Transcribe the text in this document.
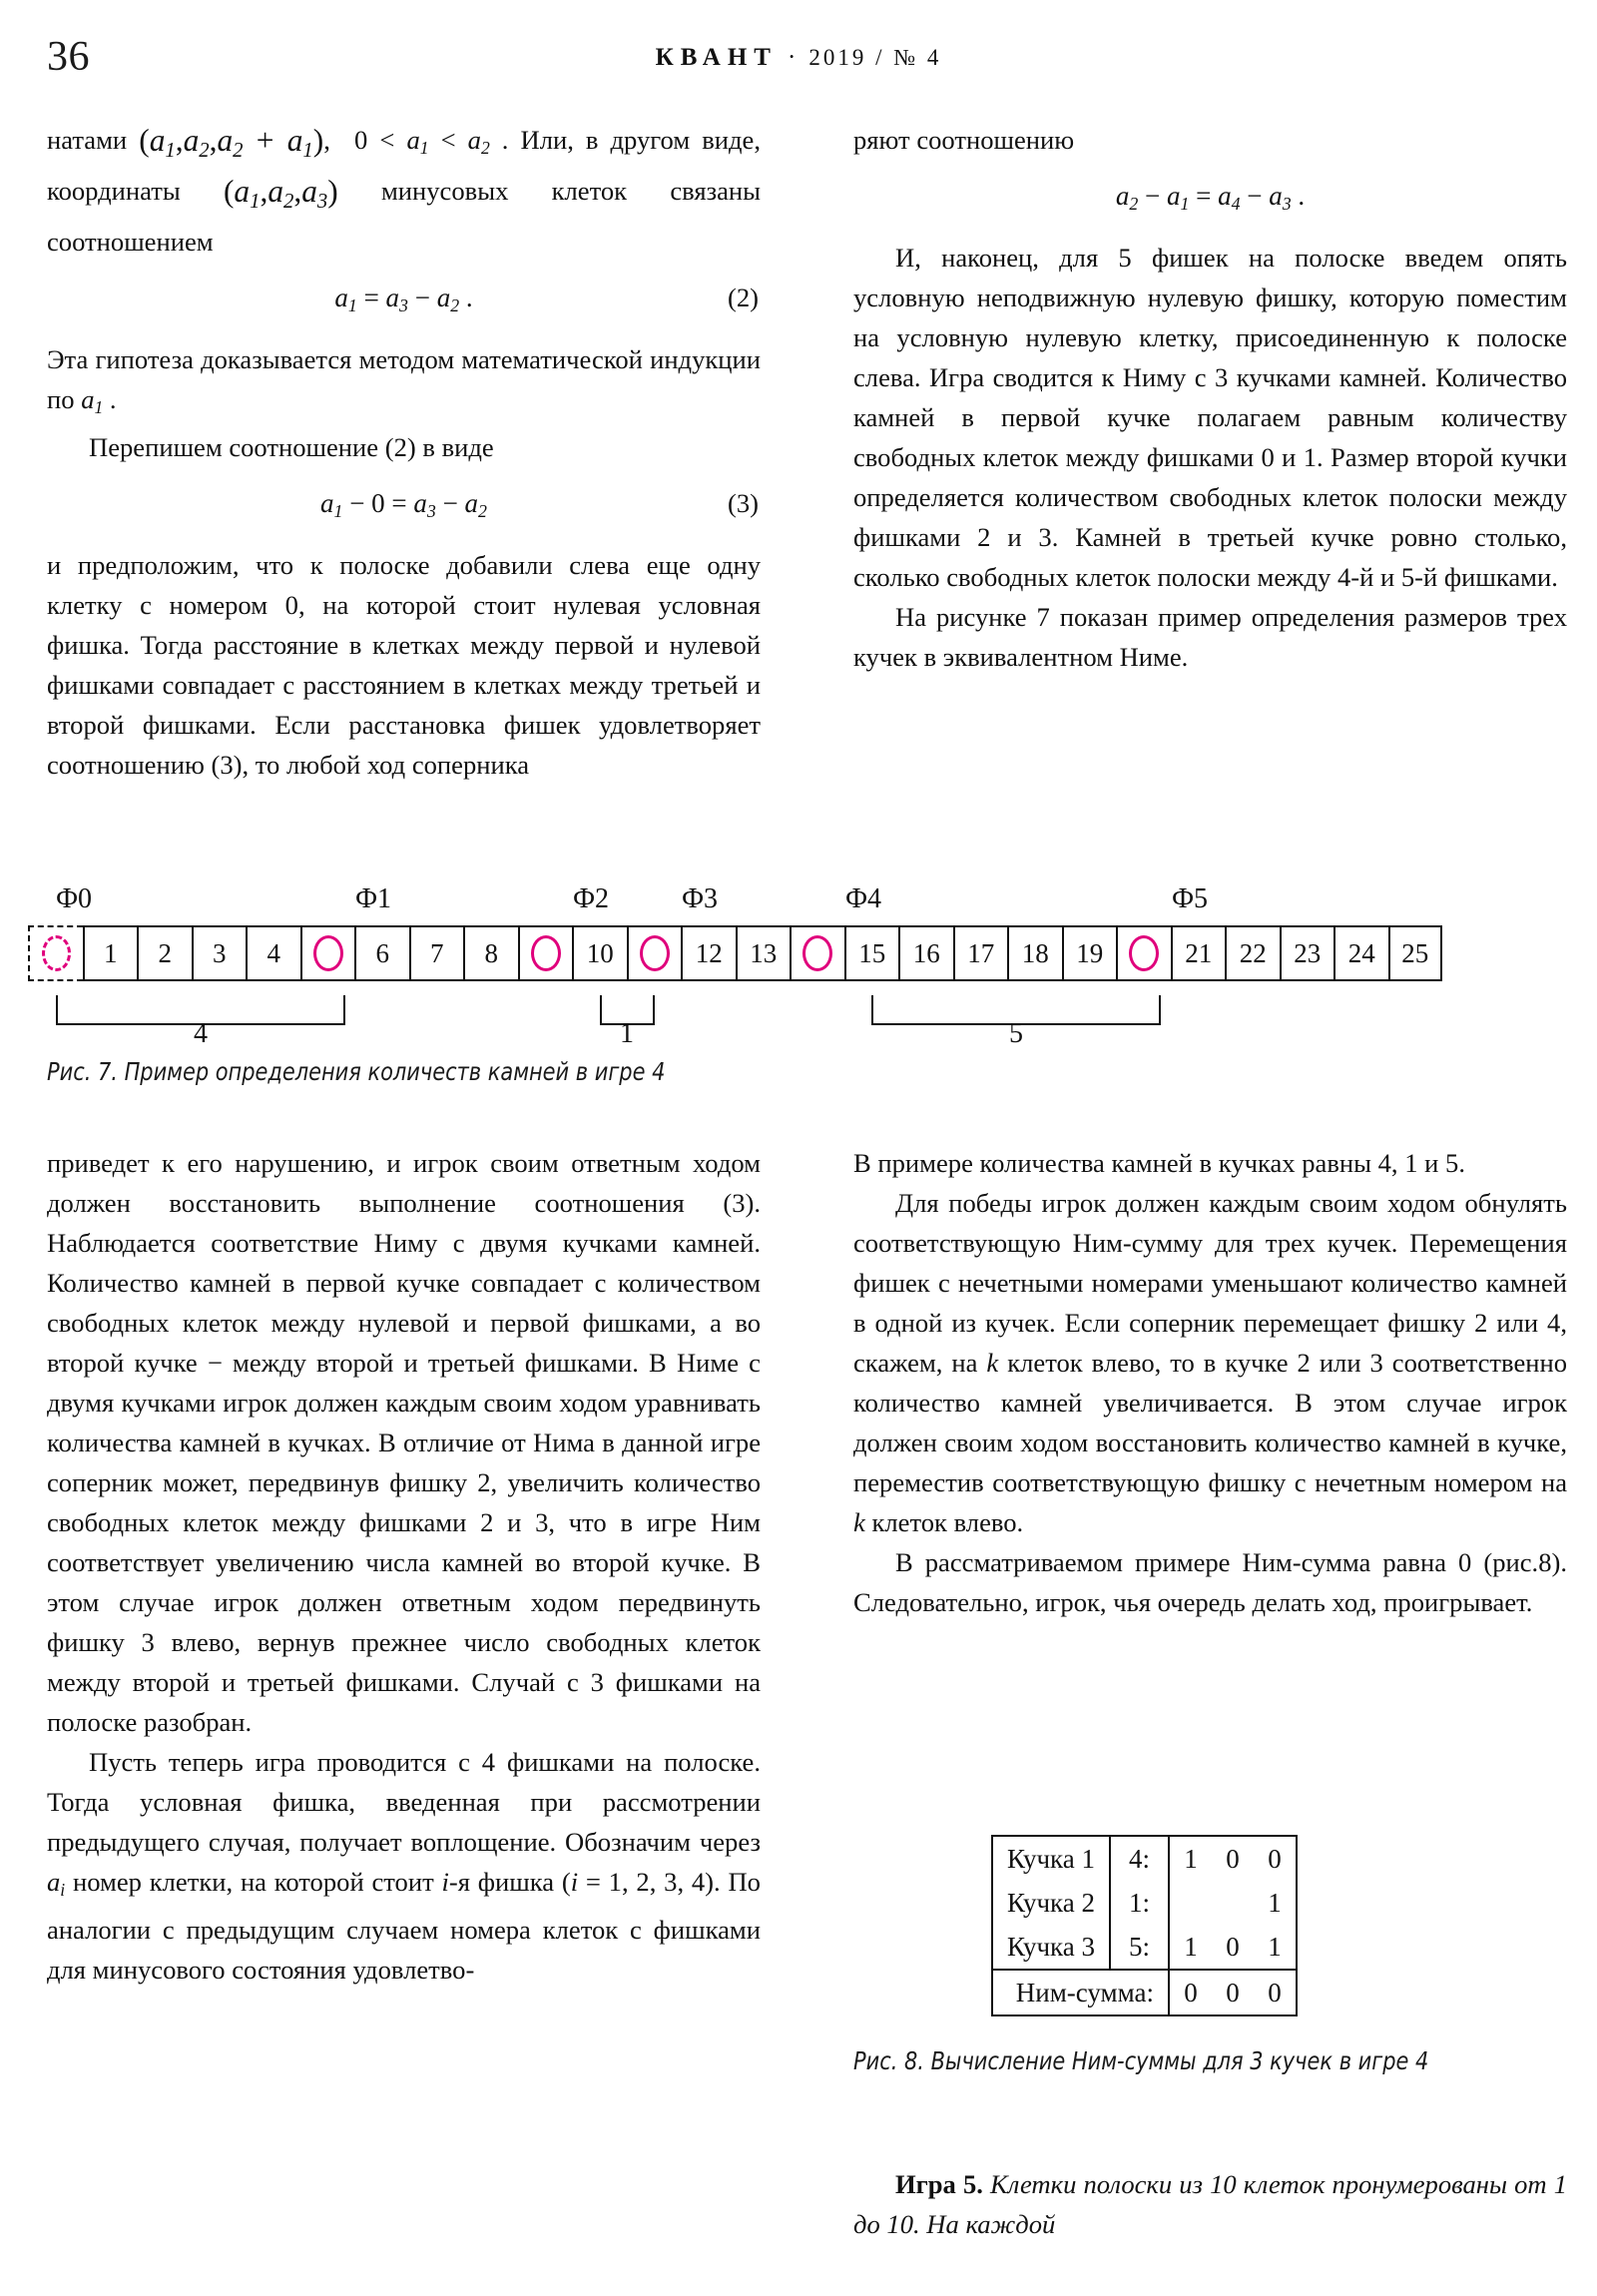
36	КВАНТ · 2019 / № 4

натами $(a_1,a_2,a_2 + a_1)$,  $0 < a_1 < a_2$ . Или, в другом виде, координаты $(a_1,a_2,a_3)$ минусовых клеток связаны соотношением

$a_1 = a_3 - a_2$ .	(2)

Эта гипотеза доказывается методом математической индукции по $a_1$ .

Перепишем соотношение (2) в виде

$a_1 - 0 = a_3 - a_2$	(3)

и предположим, что к полоске добавили слева еще одну клетку с номером 0, на которой стоит нулевая условная фишка. Тогда расстояние в клетках между первой и нулевой фишками совпадает с расстоянием в клетках между третьей и второй фишками. Если расстановка фишек удовлетворяет соотношению (3), то любой ход соперника

ряют соотношению

$a_2 - a_1 = a_4 - a_3$ .

И, наконец, для 5 фишек на полоске введем опять условную неподвижную нулевую фишку, которую поместим на условную нулевую клетку, присоединенную к полоске слева. Игра сводится к Ниму с 3 кучками камней. Количество камней в первой кучке полагаем равным количеству свободных клеток между фишками 0 и 1. Размер второй кучки определяется количеством свободных клеток полоски между фишками 2 и 3. Камней в третьей кучке ровно столько, сколько свободных клеток полоски между 4-й и 5-й фишками.

На рисунке 7 показан пример определения размеров трех кучек в эквивалентном Ниме.

Ф0	Ф1	Ф2	Ф3	Ф4	Ф5
1 2 3 4	6 7 8	10	12 13	15 16 17 18 19	21 22 23 24 25
4	1	5
Рис. 7. Пример определения количеств камней в игре 4

приведет к его нарушению, и игрок своим ответным ходом должен восстановить выполнение соотношения (3). Наблюдается соответствие Ниму с двумя кучками камней. Количество камней в первой кучке совпадает с количеством свободных клеток между нулевой и первой фишками, а во второй кучке − между второй и третьей фишками. В Ниме с двумя кучками игрок должен каждым своим ходом уравнивать количества камней в кучках. В отличие от Нима в данной игре соперник может, передвинув фишку 2, увеличить количество свободных клеток между фишками 2 и 3, что в игре Ним соответствует увеличению числа камней во второй кучке. В этом случае игрок должен ответным ходом передвинуть фишку 3 влево, вернув прежнее число свободных клеток между второй и третьей фишками. Случай с 3 фишками на полоске разобран.

Пусть теперь игра проводится с 4 фишками на полоске. Тогда условная фишка, введенная при рассмотрении предыдущего случая, получает воплощение. Обозначим через $a_i$ номер клетки, на которой стоит i-я фишка (i = 1, 2, 3, 4). По аналогии с предыдущим случаем номера клеток с фишками для минусового состояния удовлетво-

В примере количества камней в кучках равны 4, 1 и 5.

Для победы игрок должен каждым своим ходом обнулять соответствующую Ним-сумму для трех кучек. Перемещения фишек с нечетными номерами уменьшают количество камней в одной из кучек. Если соперник перемещает фишку 2 или 4, скажем, на k клеток влево, то в кучке 2 или 3 соответственно количество камней увеличивается. В этом случае игрок должен своим ходом восстановить количество камней в кучке, переместив соответствующую фишку с нечетным номером на k клеток влево.

В рассматриваемом примере Ним-сумма равна 0 (рис.8). Следовательно, игрок, чья очередь делать ход, проигрывает.

Кучка 1	4:	1	0	0
Кучка 2	1:			1
Кучка 3	5:	1	0	1
Ним-сумма:		0	0	0
Рис. 8. Вычисление Ним-суммы для 3 кучек в игре 4

Игра 5. Клетки полоски из 10 клеток пронумерованы от 1 до 10. На каждой
